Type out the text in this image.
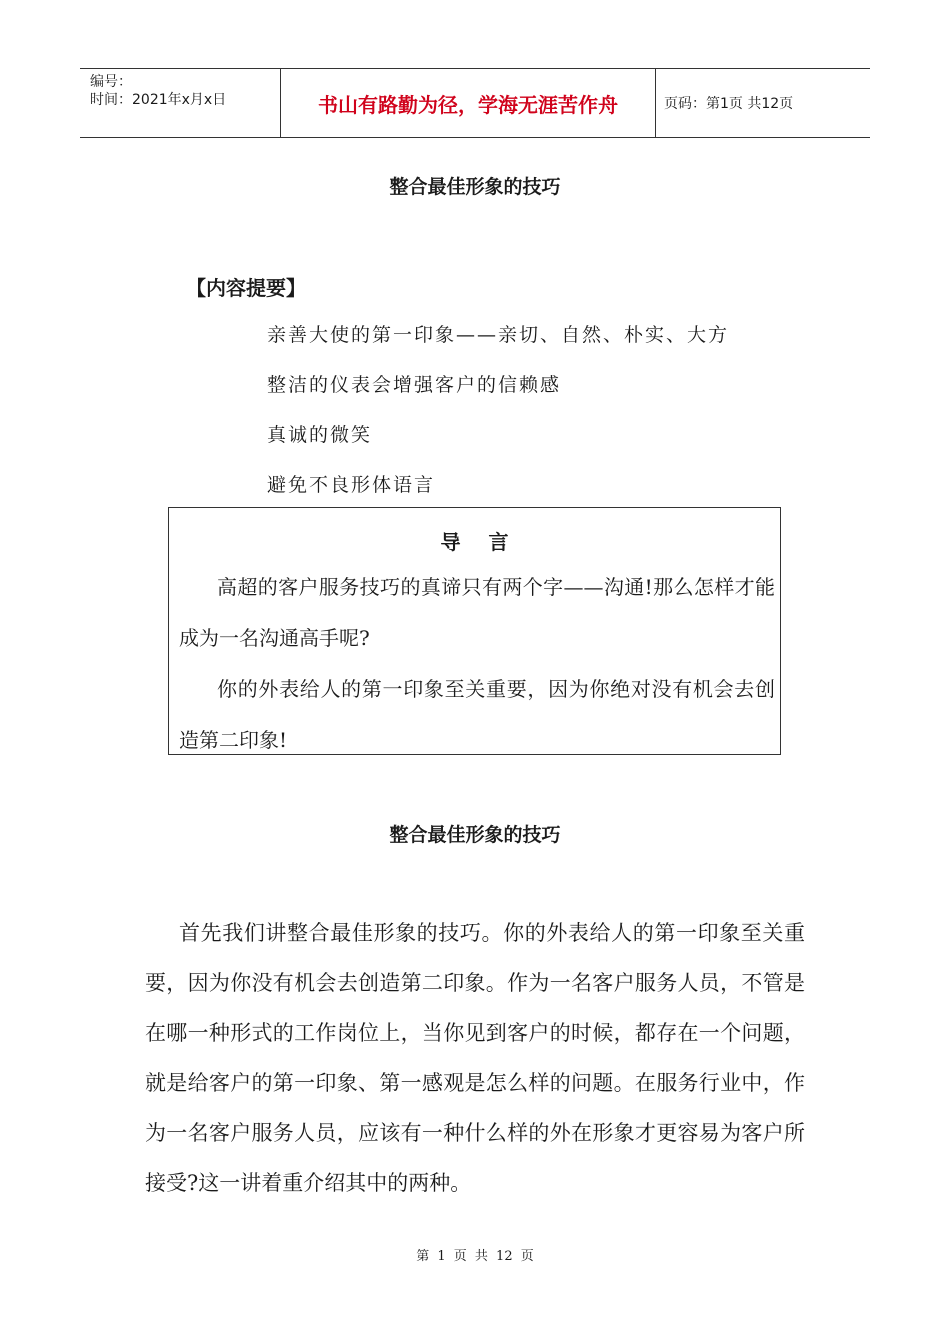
编号：
时间：2021年x月x日	书山有路勤为径，学海无涯苦作舟	页码：第1页 共12页
整合最佳形象的技巧
【内容提要】
亲善大使的第一印象——亲切、自然、朴实、大方
整洁的仪表会增强客户的信赖感
真诚的微笑
避免不良形体语言
导言

高超的客户服务技巧的真谛只有两个字——沟通!那么怎样才能成为一名沟通高手呢?

你的外表给人的第一印象至关重要，因为你绝对没有机会去创造第二印象!

整合最佳形象的技巧

首先我们讲整合最佳形象的技巧。你的外表给人的第一印象至关重要，因为你没有机会去创造第二印象。作为一名客户服务人员，不管是在哪一种形式的工作岗位上，当你见到客户的时候，都存在一个问题，就是给客户的第一印象、第一感观是怎么样的问题。在服务行业中，作为一名客户服务人员，应该有一种什么样的外在形象才更容易为客户所接受?这一讲着重介绍其中的两种。

第 1 页 共 12 页
